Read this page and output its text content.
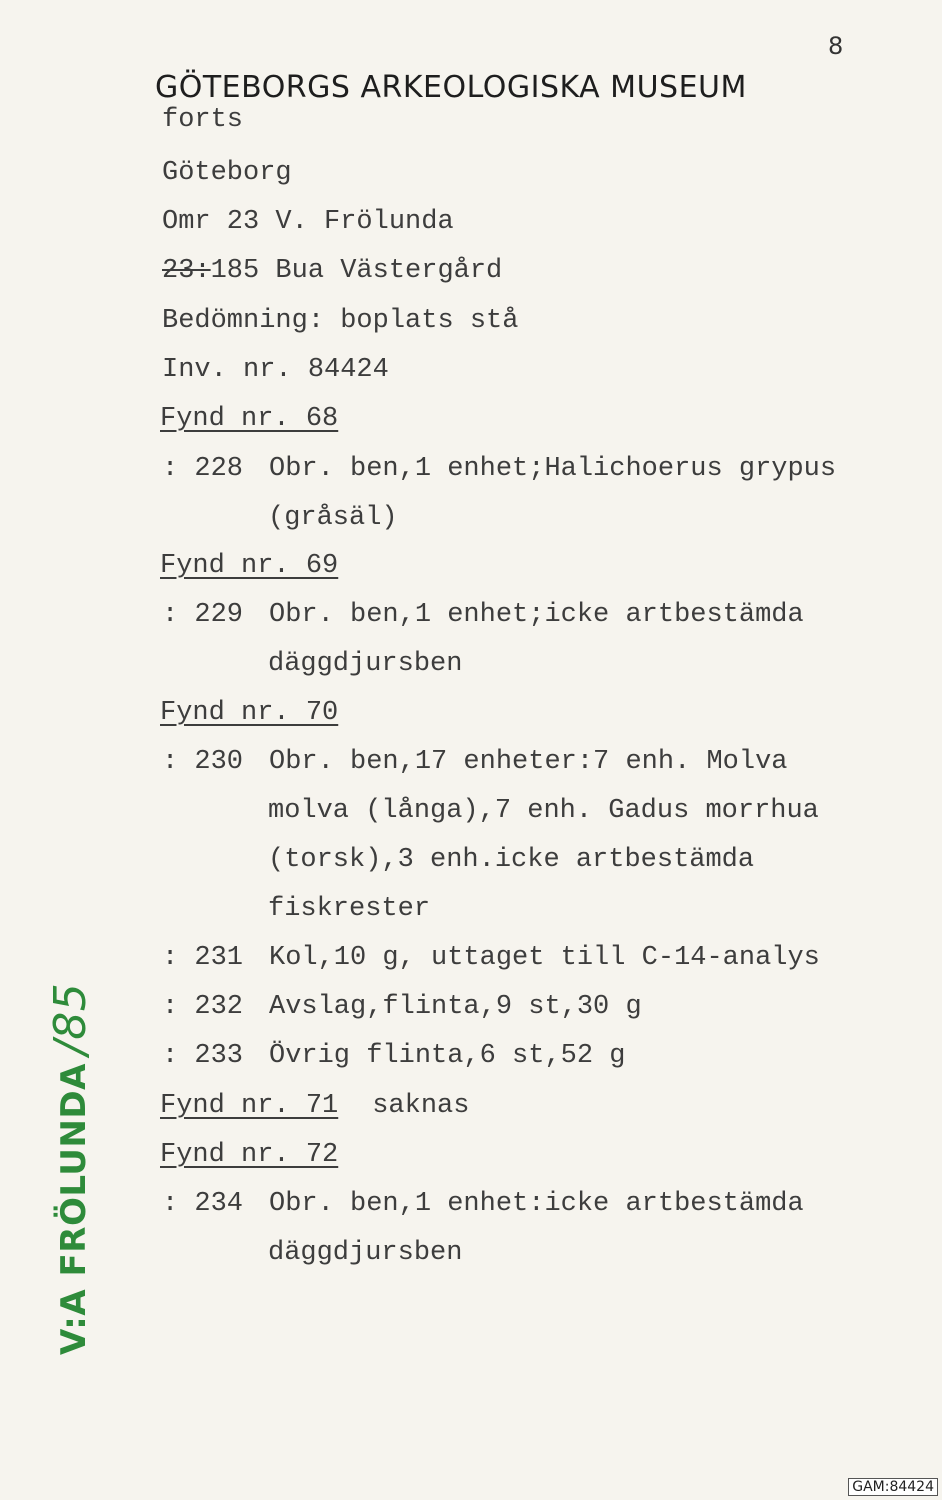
8
GÖTEBORGS ARKEOLOGISKA MUSEUM
forts
Göteborg
Omr 23 V. Frölunda
23:185 Bua Västergård
Bedömning: boplats stå
Inv. nr. 84424
Fynd nr. 68
: 228 Obr. ben,1 enhet;Halichoerus grypus
(gråsäl)
Fynd nr. 69
: 229 Obr. ben,1 enhet;icke artbestämda
däggdjursben
Fynd nr. 70
: 230 Obr. ben,17 enheter:7 enh. Molva
molva (långa),7 enh. Gadus morrhua
(torsk),3 enh.icke artbestämda
fiskrester
: 231 Kol,10 g, uttaget till C-14-analys
: 232 Avslag,flinta,9 st,30 g
: 233 Övrig flinta,6 st,52 g
Fynd nr. 71 saknas
Fynd nr. 72
: 234 Obr. ben,1 enhet:icke artbestämda
däggdjursben
V:A FRÖLUNDA/85
GAM:84424
